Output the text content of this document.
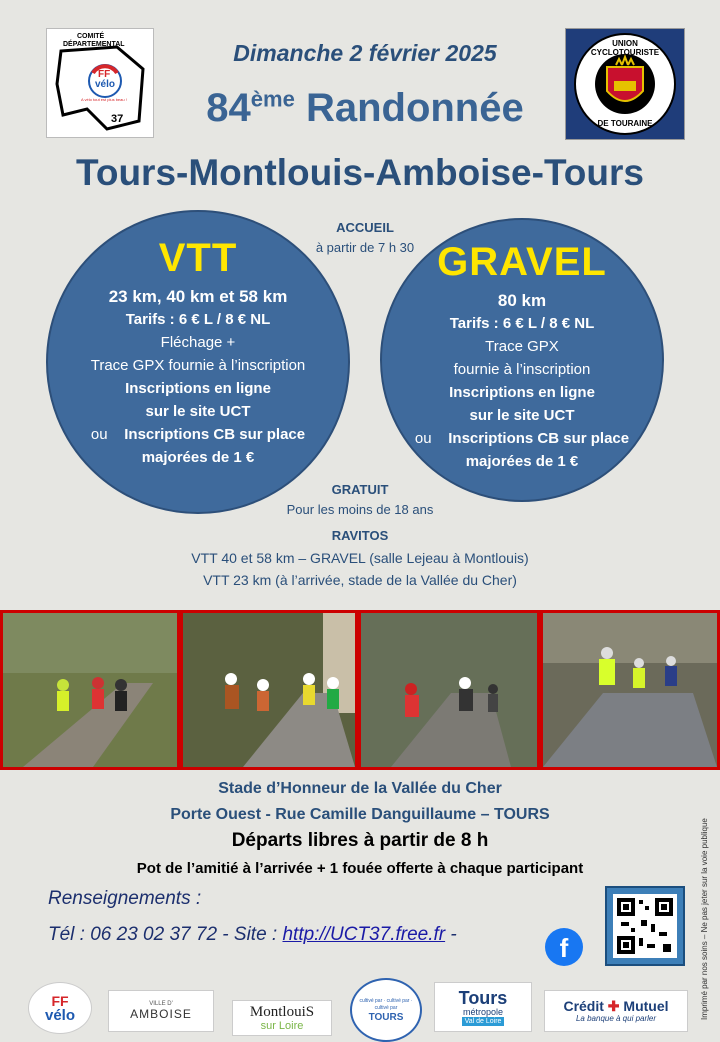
COMITÉ
DÉPARTEMENTAL
FF
vélo
A vélo tout est plus beau !
37
UNION CYCLOTOURISTE
DE TOURAINE
Dimanche 2 février 2025
84ème Randonnée
Tours-Montlouis-Amboise-Tours
ACCUEIL
à partir de 7 h 30
VTT
23 km, 40 km et 58 km
Tarifs : 6 € L / 8 € NL
Fléchage +
Trace GPX fournie à l’inscription
Inscriptions en ligne
sur le site UCT
ou Inscriptions CB sur place
majorées de 1 €
GRAVEL
80 km
Tarifs : 6 € L / 8 € NL
Trace GPX
fournie à l’inscription
Inscriptions en ligne
sur le site UCT
ou Inscriptions CB sur place
majorées de 1 €
GRATUIT
Pour les moins de 18 ans
RAVITOS
VTT 40 et 58 km – GRAVEL (salle Lejeau à Montlouis)
VTT 23 km (à l’arrivée, stade de la Vallée du Cher)
Stade d’Honneur de la Vallée du Cher
Porte Ouest - Rue Camille Danguillaume – TOURS
Départs libres à partir de 8 h
Pot de l’amitié à l’arrivée + 1 fouée offerte à chaque participant
Renseignements :
Tél : 06 23 02 37 72 - Site : http://UCT37.free.fr -	f	Imprimé par nos soins – Ne pas jeter sur la voie publique
FF
vélo
VILLE D'
AMBOISE	MontlouiS
sur Loire
cultivé par · cultivé par · cultivé par
TOURS
Tours
métropole
Val de Loire
Crédit ✚ Mutuel
La banque à qui parler
